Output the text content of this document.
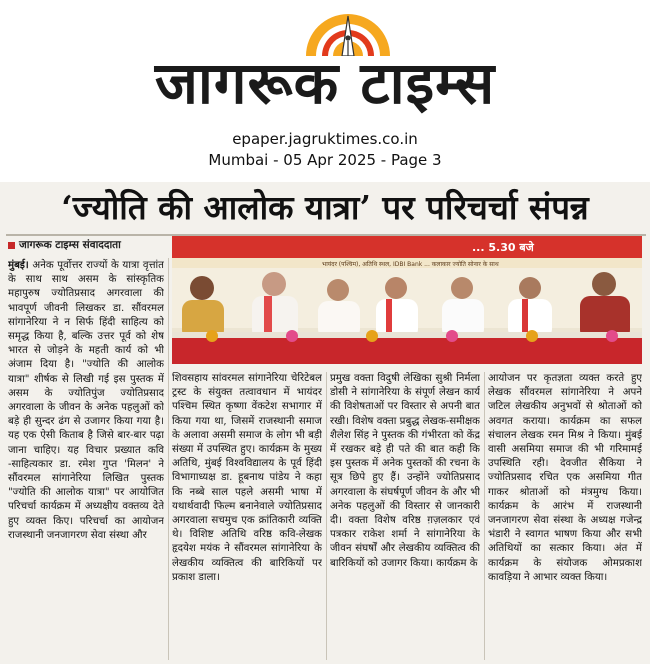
जागरूक टाइम्स
epaper.jagruktimes.co.in
Mumbai - 05 Apr 2025 - Page 3
‘ज्योति की आलोक यात्रा’ पर परिचर्चा संपन्न
जागरूक टाइम्स संवाददाता

मुंबई। अनेक पूर्वोत्तर राज्यों के यात्रा वृत्तांत के साथ साथ असम के सांस्कृतिक महापुरुष ज्योतिप्रसाद अगरवाला की भावपूर्ण जीवनी लिखकर डा. सौंवरमल सांगानेरिया ने न सिर्फ हिंदी साहित्य को समृद्ध किया है, बल्कि उत्तर पूर्व को शेष भारत से जोड़ने के महती कार्य को भी अंजाम दिया है। "ज्योति की आलोक यात्रा" शीर्षक से लिखी गई इस पुस्तक में असम के ज्योतिपुंज ज्योतिप्रसाद अगरवाला के जीवन के अनेक पहलुओं को बड़े ही सुन्दर ढंग से उजागर किया गया है। यह एक ऐसी किताब है जिसे बार-बार पढ़ा जाना चाहिए। यह विचार प्रख्यात कवि -साहित्यकार डा. रमेश गुप्त 'मिलन' ने सौंवरमल सांगानेरिया लिखित पुस्तक "ज्योति की आलोक यात्रा" पर आयोजित परिचर्चा कार्यक्रम में अध्यक्षीय वक्तव्य देते हुए व्यक्त किए। परिचर्चा का आयोजन राजस्थानी जनजागरण सेवा संस्था और

... 5.30 बजे
भायंदर (पश्चिम), अतिथि स्थल, IDBI Bank ... कलाकार ज्योति सोनार के साथ

शिवसहाय सांवरमल सांगानेरिया चेरिटेबल ट्रस्ट के संयुक्त तत्वावधान में भायंदर पश्चिम स्थित कृष्णा वेंकटेश सभागार में किया गया था, जिसमें राजस्थानी समाज के अलावा असमी समाज के लोग भी बड़ी संख्या में उपस्थित हुए। कार्यक्रम के मुख्य अतिथि, मुंबई विश्वविद्यालय के पूर्व हिंदी विभागाध्यक्ष डा. हूबनाथ पांडेय ने कहा कि नब्बे साल पहले असमी भाषा में यथार्थवादी फिल्म बनानेवाले ज्योतिप्रसाद अगरवाला सचमुच एक क्रांतिकारी व्यक्ति थे। विशिष्ट अतिथि वरिष्ठ कवि-लेखक हृदयेश मयंक ने सौंवरमल सांगानेरिया के लेखकीय व्यक्तित्व की बारिकियों पर प्रकाश डाला।

प्रमुख वक्ता विदुषी लेखिका सुश्री निर्मला डोसी ने सांगानेरिया के संपूर्ण लेखन कार्य की विशेषताओं पर विस्तार से अपनी बात रखी। विशेष वक्ता प्रबुद्ध लेखक-समीक्षक शैलेश सिंह ने पुस्तक की गंभीरता को केंद्र में रखकर बड़े ही पते की बात कही कि इस पुस्तक में अनेक पुस्तकों की रचना के सूत्र छिपे हुए हैं। उन्होंने ज्योतिप्रसाद अगरवाला के संघर्षपूर्ण जीवन के और भी अनेक पहलुओं की विस्तार से जानकारी दी। वक्ता विशेष वरिष्ठ ग़ज़लकार एवं पत्रकार राकेश शर्मा ने सांगानेरिया के जीवन संघर्षों और लेखकीय व्यक्तित्व की बारिकियों को उजागर किया। कार्यक्रम के

आयोजन पर कृतज्ञता व्यक्त करते हुए लेखक सौंवरमल सांगानेरिया ने अपने जटिल लेखकीय अनुभवों से श्रोताओं को अवगत कराया। कार्यक्रम का सफल संचालन लेखक रमन मिश्र ने किया। मुंबई वासी असमिया समाज की भी गरिमामई उपस्थिति रही। देवजीत सैकिया ने ज्योतिप्रसाद रचित एक असमिया गीत गाकर श्रोताओं को मंत्रमुग्ध किया। कार्यक्रम के आरंभ में राजस्थानी जनजागरण सेवा संस्था के अध्यक्ष गजेन्द्र भंडारी ने स्वागत भाषण किया और सभी अतिथियों का सत्कार किया। अंत में कार्यक्रम के संयोजक ओमप्रकाश कावड़िया ने आभार व्यक्त किया।
